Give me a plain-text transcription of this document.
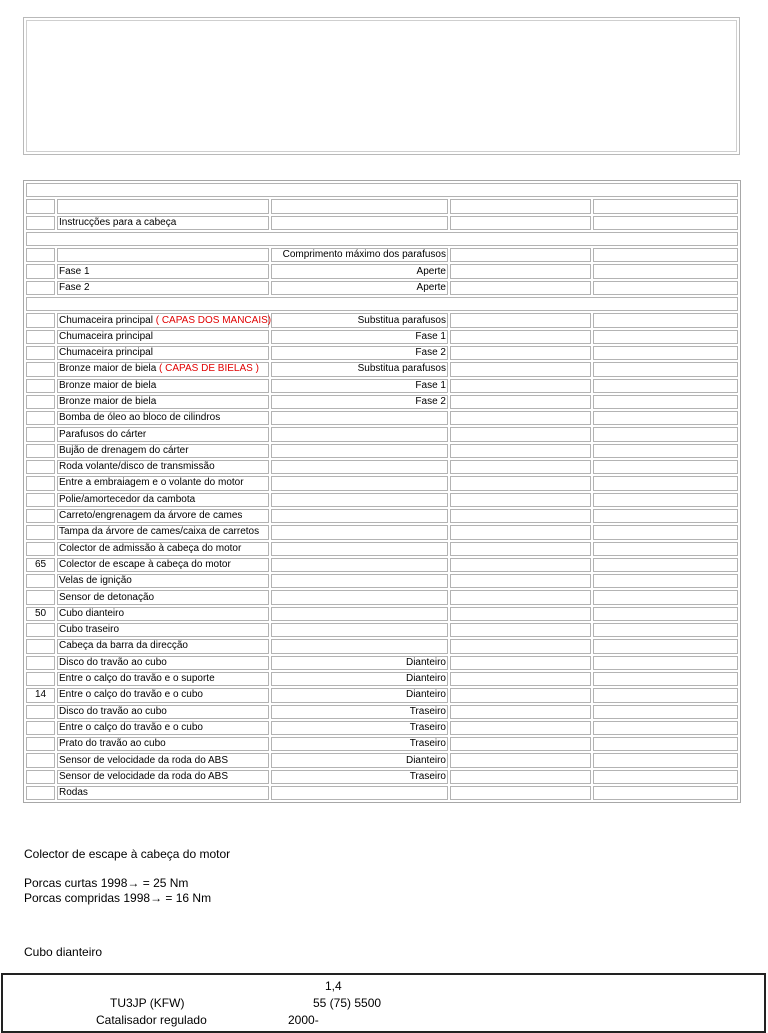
	Instrucções para a cabeça			

		Comprimento máximo dos parafusos		
	Fase 1	Aperte		
	Fase 2	Aperte		

	Chumaceira principal ( CAPAS DOS MANCAIS)	Substitua parafusos		
	Chumaceira principal	Fase 1		
	Chumaceira principal	Fase 2		
	Bronze maior de biela ( CAPAS DE BIELAS )	Substitua parafusos		
	Bronze maior de biela	Fase 1		
	Bronze maior de biela	Fase 2		
	Bomba de óleo ao bloco de cilindros			
	Parafusos do cárter			
	Bujão de drenagem do cárter			
	Roda volante/disco de transmissão			
	Entre a embraiagem e o volante do motor			
	Polie/amortecedor da cambota			
	Carreto/engrenagem da árvore de cames			
	Tampa da árvore de cames/caixa de carretos			
	Colector de admissão à cabeça do motor			
65	Colector de escape à cabeça do motor			
	Velas de ignição			
	Sensor de detonação			
50	Cubo dianteiro			
	Cubo traseiro			
	Cabeça da barra da direcção			
	Disco do travão ao cubo	Dianteiro		
	Entre o calço do travão e o suporte	Dianteiro		
14	Entre o calço do travão e o cubo	Dianteiro		
	Disco do travão ao cubo	Traseiro		
	Entre o calço do travão e o cubo	Traseiro		
	Prato do travão ao cubo	Traseiro		
	Sensor de velocidade da roda do ABS	Dianteiro		
	Sensor de velocidade da roda do ABS	Traseiro		
	Rodas			
Colector de escape à cabeça do motor
Porcas curtas 1998→ = 25 Nm
Porcas compridas 1998→ = 16 Nm
Cubo dianteiro
1,4
TU3JP (KFW)	55 (75) 5500
Catalisador regulado	2000-
